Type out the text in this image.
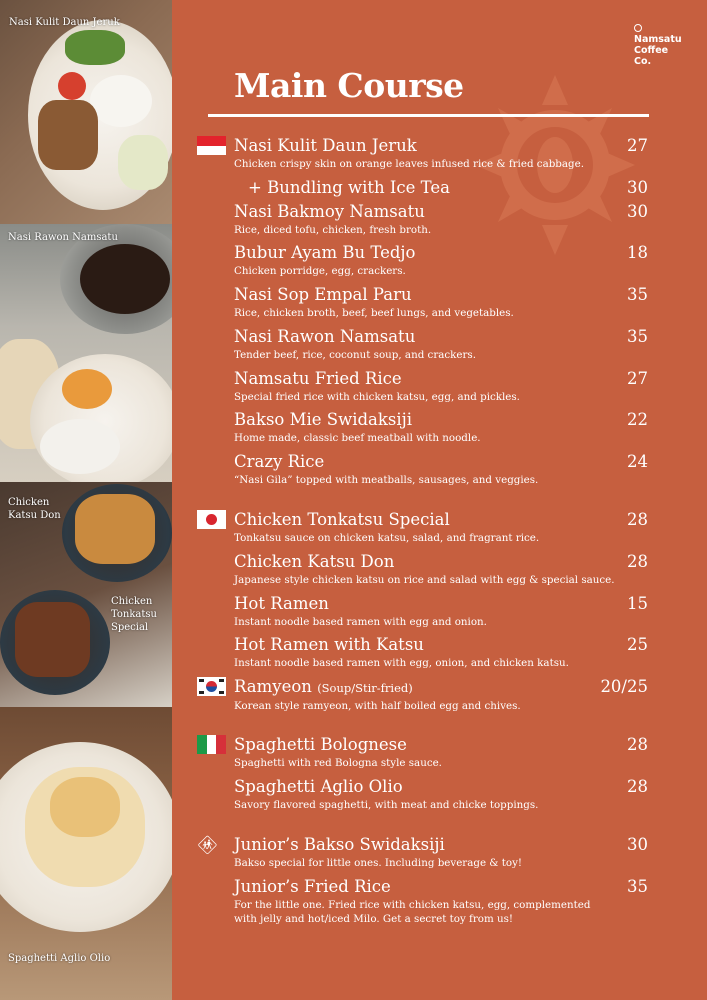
Nasi Kulit Daun Jeruk
Nasi Rawon Namsatu
Chicken
Katsu Don
Chicken
Tonkatsu
Special
Spaghetti Aglio Olio
Namsatu
Coffee
Co.
Main Course
Nasi Kulit Daun Jeruk
Chicken crispy skin on orange leaves infused rice & fried cabbage.
27
+ Bundling with Ice Tea	30
Nasi Bakmoy Namsatu
Rice, diced tofu, chicken, fresh broth.
30
Bubur Ayam Bu Tedjo
Chicken porridge, egg, crackers.
18
Nasi Sop Empal Paru
Rice, chicken broth, beef, beef lungs, and vegetables.
35
Nasi Rawon Namsatu
Tender beef, rice, coconut soup, and crackers.
35
Namsatu Fried Rice
Special fried rice with chicken katsu, egg, and pickles.
27
Bakso Mie Swidaksiji
Home made, classic beef meatball with noodle.
22
Crazy Rice
“Nasi Gila” topped with meatballs, sausages, and veggies.
24
Chicken Tonkatsu Special
Tonkatsu sauce on chicken katsu, salad, and fragrant rice.
28
Chicken Katsu Don
Japanese style chicken katsu on rice and salad with egg & special sauce.
28
Hot Ramen
Instant noodle based ramen with egg and onion.
15
Hot Ramen with Katsu
Instant noodle based ramen with egg, onion, and chicken katsu.
25
Ramyeon (Soup/Stir-fried)
Korean style ramyeon, with half boiled egg and chives.
20/25
Spaghetti Bolognese
Spaghetti with red Bologna style sauce.
28
Spaghetti Aglio Olio
Savory flavored spaghetti, with meat and chicke toppings.
28
🚸︎ Junior’s Bakso Swidaksiji
Bakso special for little ones. Including beverage & toy!
30
Junior’s Fried Rice
For the little one. Fried rice with chicken katsu, egg, complemented
with jelly and hot/iced Milo. Get a secret toy from us!
35
